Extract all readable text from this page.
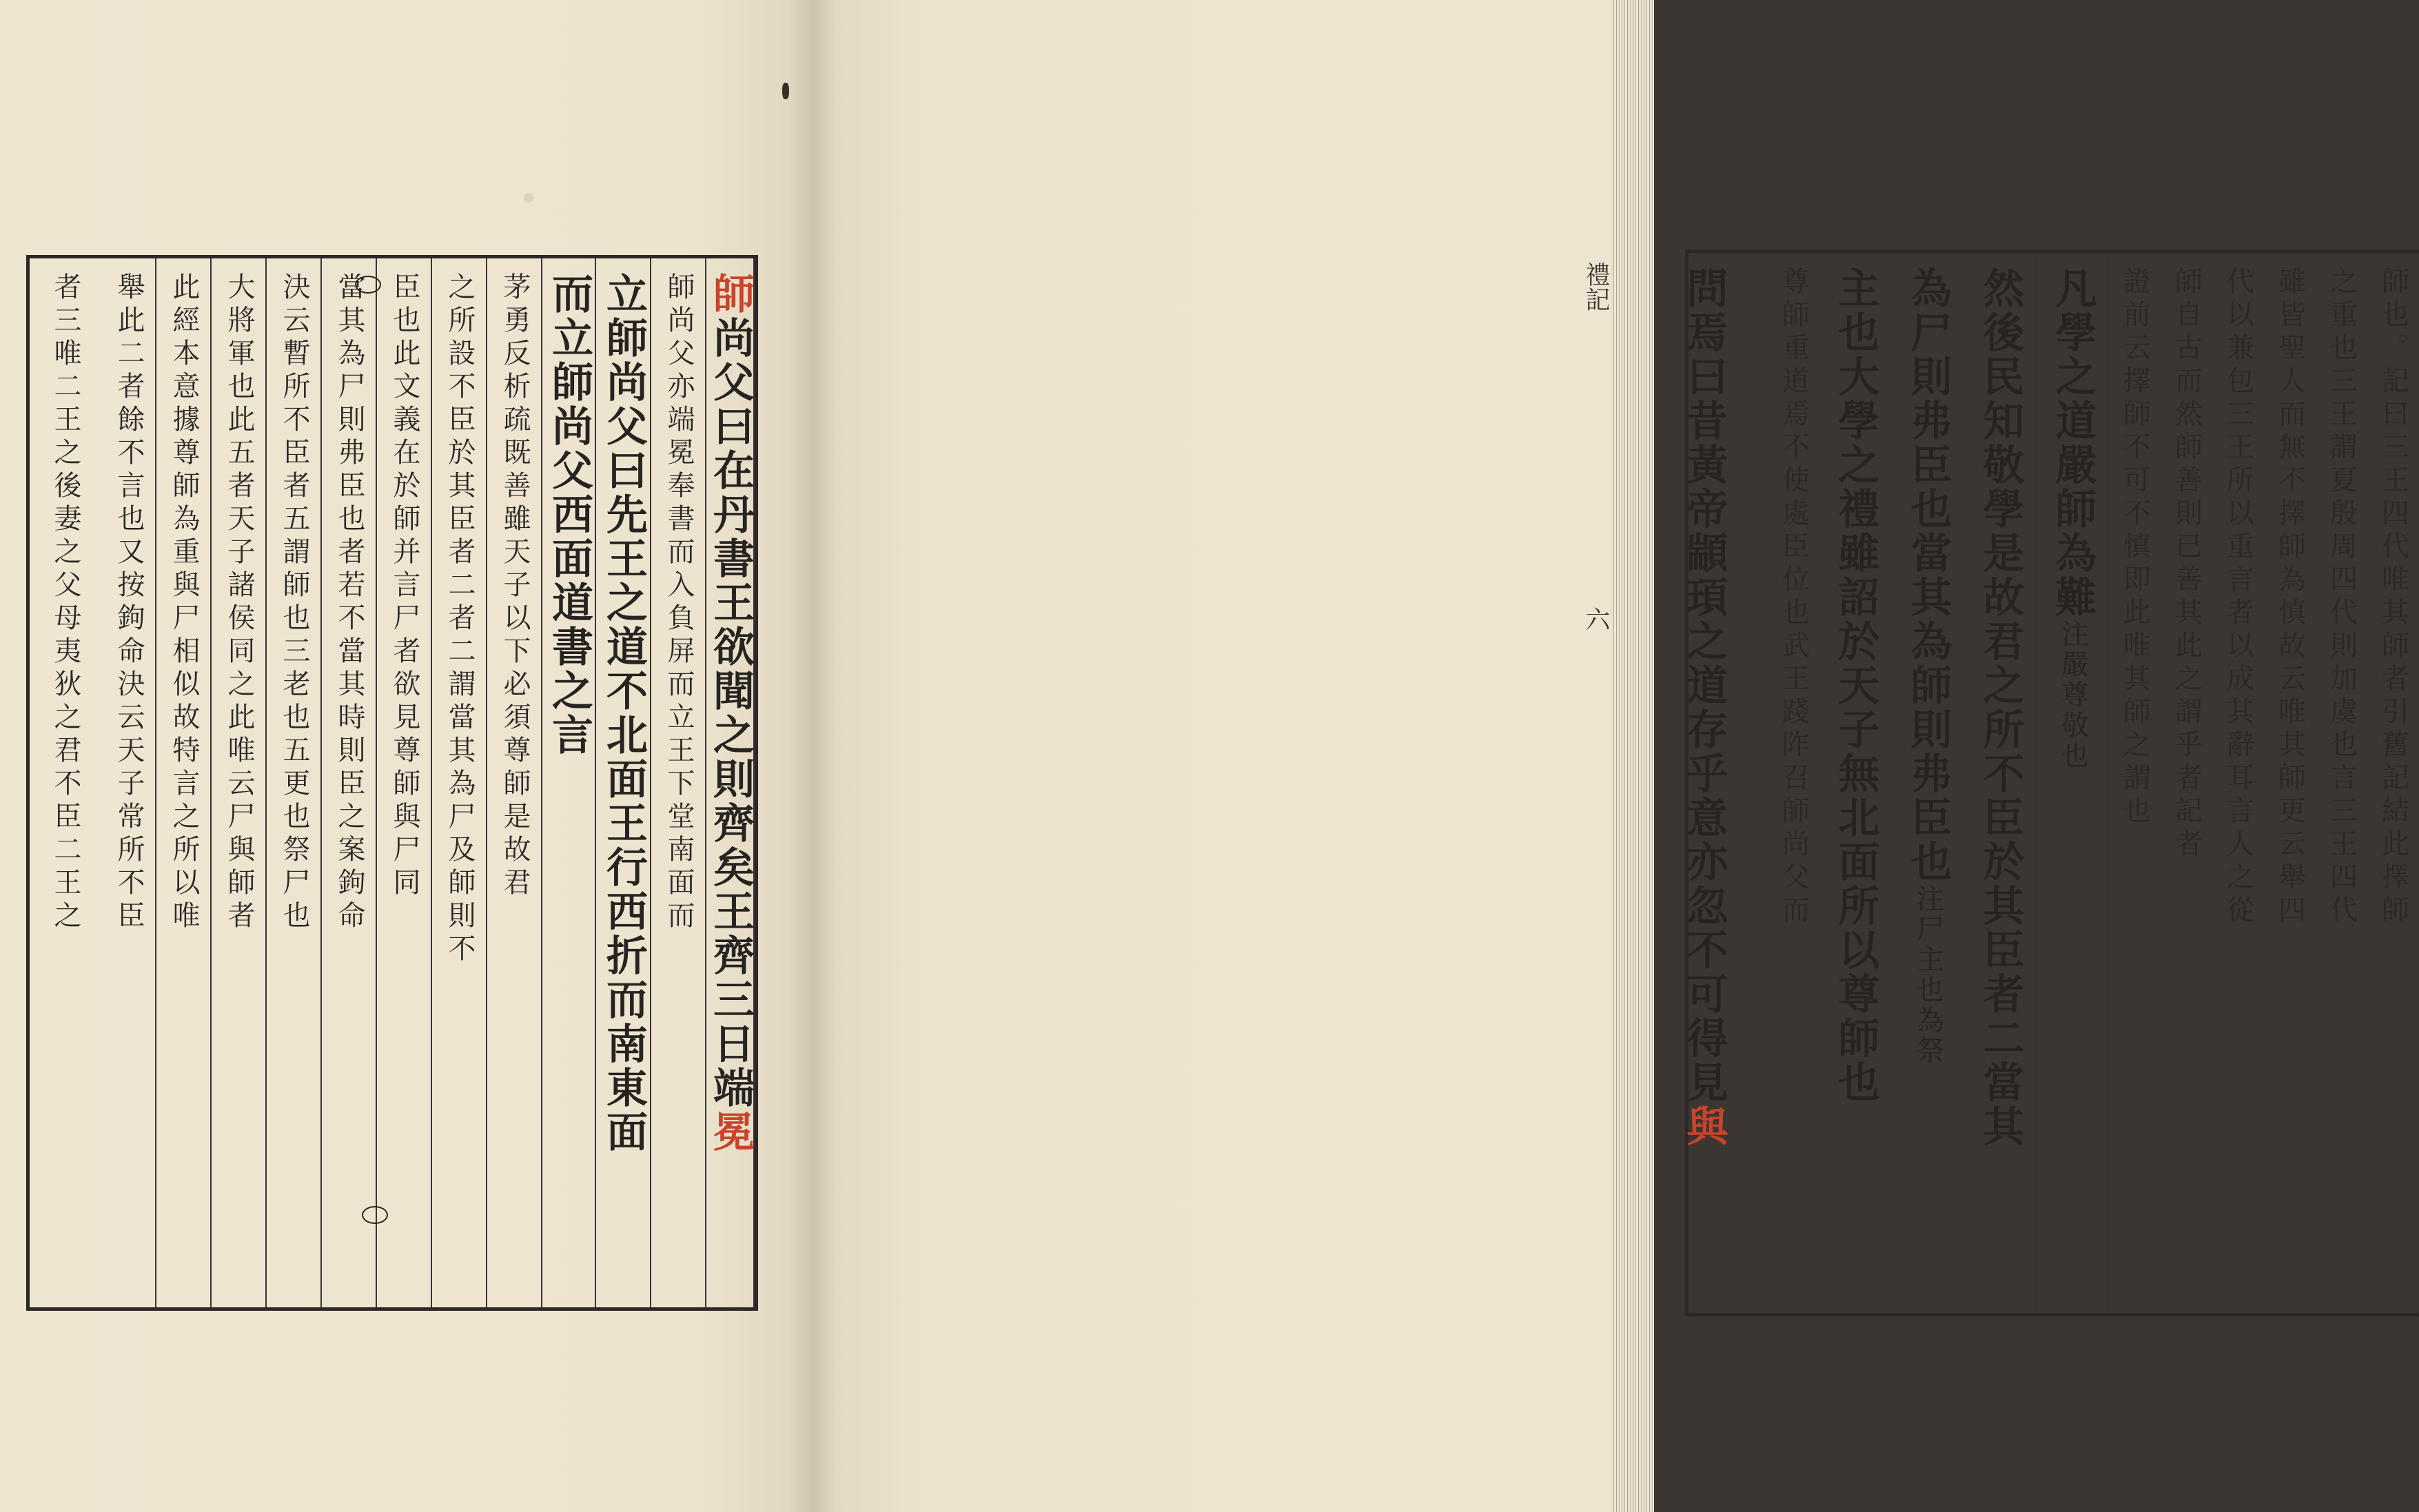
師尚父曰在丹書王欲聞之則齊矣王齊三日端冕
師尚父亦端冕奉書而入負屏而立王下堂南面而
立師尚父曰先王之道不北面王行西折而南東面
而立師尚父西面道書之言
茅勇反析疏既善雖天子以下必須尊師是故君
之所設不臣於其臣者二者二謂當其為尸及師則不
臣也此文義在於師并言尸者欲見尊師與尸同
當其為尸則弗臣也者若不當其時則臣之案鉤命
決云暫所不臣者五謂師也三老也五更也祭尸也
大將軍也此五者天子諸侯同之此唯云尸與師者
此經本意據尊師為重與尸相似故特言之所以唯
舉此二者餘不言也又按鉤命決云天子常所不臣
者三唯二王之後妻之父母夷狄之君不臣二王之	師也。記曰三王四代唯其師者引舊記結此擇師
之重也三王謂夏殷周四代則加虞也言三王四代
雖皆聖人而無不擇師為慎故云唯其師更云舉四
代以兼包三王所以重言者以成其辭耳言人之從
師自古而然師善則已善其此之謂乎者記者
證前云擇師不可不慎即此唯其師之謂也
凡學之道嚴師為難注嚴尊敬也
然後民知敬學是故君之所不臣於其臣者二當其
為尸則弗臣也當其為師則弗臣也注尸主也為祭
主也大學之禮雖詔於天子無北面所以尊師也
尊師重道焉不使處臣位也武王踐阼召師尚父而
問焉曰昔黃帝顓頊之道存乎意亦忽不可得見與
禮記
六
